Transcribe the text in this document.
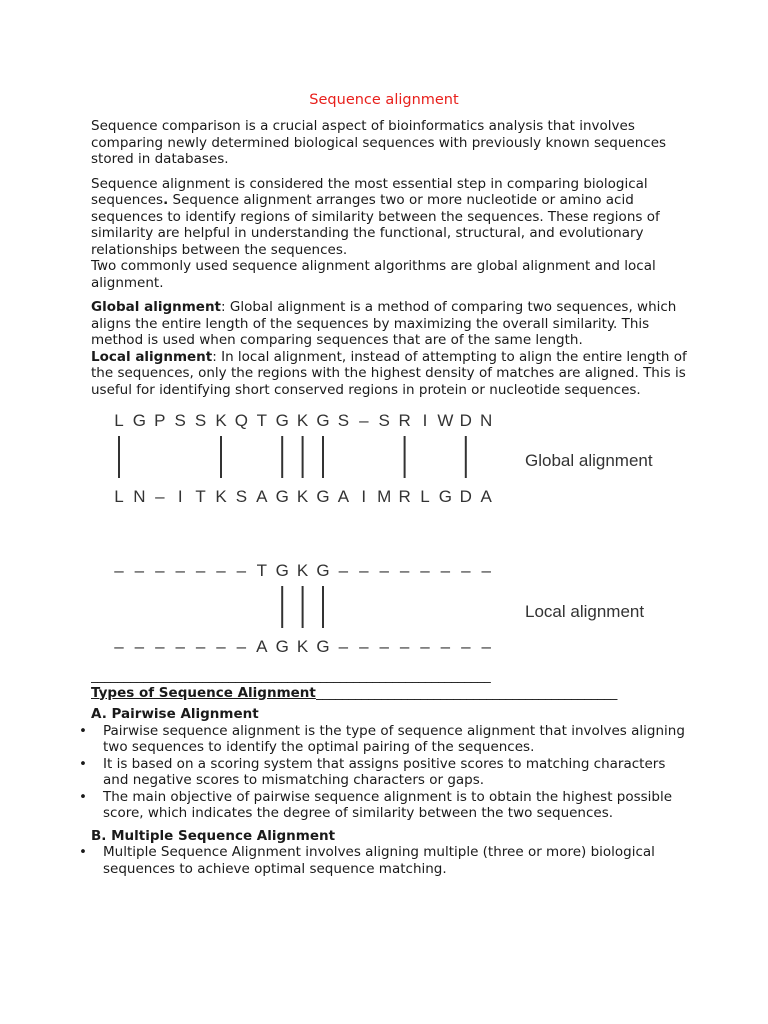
Sequence alignment

Sequence comparison is a crucial aspect of bioinformatics analysis that involves comparing newly determined biological sequences with previously known sequences stored in databases.

Sequence alignment is considered the most essential step in comparing biological sequences. Sequence alignment arranges two or more nucleotide or amino acid sequences to identify regions of similarity between the sequences. These regions of similarity are helpful in understanding the functional, structural, and evolutionary relationships between the sequences.

Two commonly used sequence alignment algorithms are global alignment and local alignment.

Global alignment: Global alignment is a method of comparing two sequences, which aligns the entire length of the sequences by maximizing the overall similarity. This method is used when comparing sequences that are of the same length.

Local alignment: In local alignment, instead of attempting to align the entire length of the sequences, only the regions with the highest density of matches are aligned. This is useful for identifying short conserved regions in protein or nucleotide sequences.

L G P S S K Q T G K G S – S R I W D N
L N – I T K S A G K G A I M R L G D A
Global alignment
– – – – – – – T G K G – – – – – – – –
– – – – – – – A G K G – – – – – – – –
Local alignment
_____________________________________________________________
Types of Sequence Alignment ______________________________________________

A. Pairwise Alignment

• Pairwise sequence alignment is the type of sequence alignment that involves aligning two sequences to identify the optimal pairing of the sequences.
• It is based on a scoring system that assigns positive scores to matching characters and negative scores to mismatching characters or gaps.
• The main objective of pairwise sequence alignment is to obtain the highest possible score, which indicates the degree of similarity between the two sequences.

B. Multiple Sequence Alignment

• Multiple Sequence Alignment involves aligning multiple (three or more) biological sequences to achieve optimal sequence matching.
